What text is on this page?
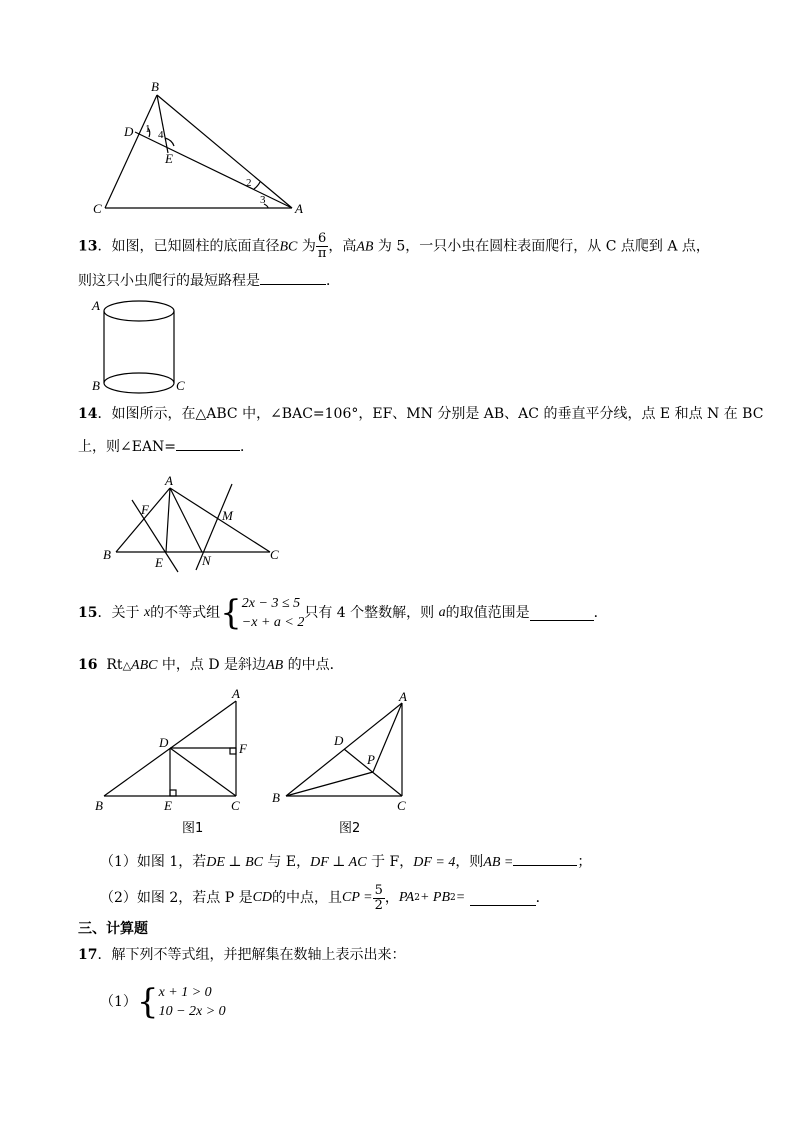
B
D 1 4
E
2
3
C	A
13．如图，已知圆柱的底面直径BC 为 $\frac{6}{\pi}$ ，高AB 为 5，一只小虫在圆柱表面爬行，从 C 点爬到 A 点，
则这只小虫爬行的最短路程是	．
A
B	C
14．如图所示，在△ABC 中，∠BAC=106°，EF、MN 分别是 AB、AC 的垂直平分线，点 E 和点 N 在 BC
上，则∠EAN=	．
A
F	M
B
E	N	C
15 ．关于
x 的不等式组 { 2x − 3 ≤ 5
−x + a < 2
只有 4 个整数解，则
a 的取值范围是	．
16 Rt△ABC 中，点 D 是斜边AB 的中点．
A
D	F
B	E	C
图1
A
D
P
B
C
图2
（1）如图 1，若DE ⊥ BC 与 E，DF ⊥ AC 于 F，DF = 4，则AB =	；
（2）如图 2，若点 P 是 CD 的中点，且 CP = $\frac{5}{2}$ ， PA 2 + PB 2 =
	．
三、计算题
17．解下列不等式组，并把解集在数轴上表示出来：
（1） { x + 1 > 0
10 − 2x > 0
